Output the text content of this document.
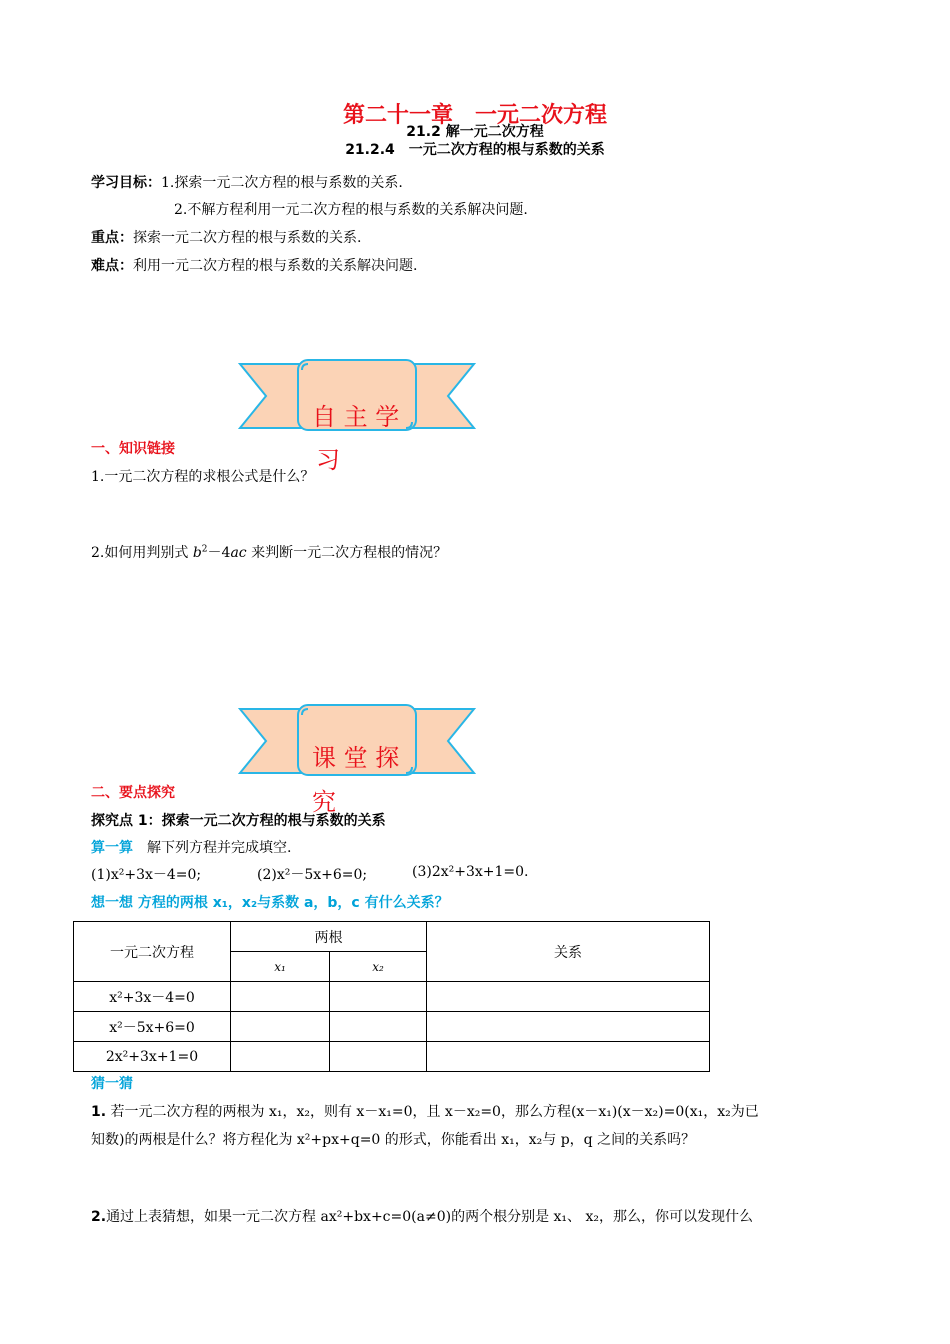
第二十一章　一元二次方程
21.2 解一元二次方程
21.2.4　一元二次方程的根与系数的关系
学习目标：1.探索一元二次方程的根与系数的关系.
2.不解方程利用一元二次方程的根与系数的关系解决问题.
重点：探索一元二次方程的根与系数的关系.
难点：利用一元二次方程的根与系数的关系解决问题.
自 主 学
习
一、知识链接
1.一元二次方程的求根公式是什么？
2.如何用判别式 $b^2-4ac$ 来判断一元二次方程根的情况？
课 堂 探
究
二、要点探究
探究点 1：探索一元二次方程的根与系数的关系
算一算　解下列方程并完成填空.
(1)x²+3x－4=0;	(2)x²－5x+6=0;	(3)2x²+3x+1=0.
想一想 方程的两根 x₁，x₂与系数 a，b，c 有什么关系？
一元二次方程	两根		关系
	x₁	x₂	
x²+3x－4=0			
x²－5x+6=0			
2x²+3x+1=0			
猜一猜
1. 若一元二次方程的两根为 x₁，x₂，则有 x－x₁=0，且 x－x₂=0，那么方程(x－x₁)(x－x₂)=0(x₁，x₂为已
知数)的两根是什么？将方程化为 x²+px+q=0 的形式，你能看出 x₁，x₂与 p，q 之间的关系吗？
2.通过上表猜想，如果一元二次方程 ax²+bx+c=0(a≠0)的两个根分别是 x₁、 x₂，那么，你可以发现什么
